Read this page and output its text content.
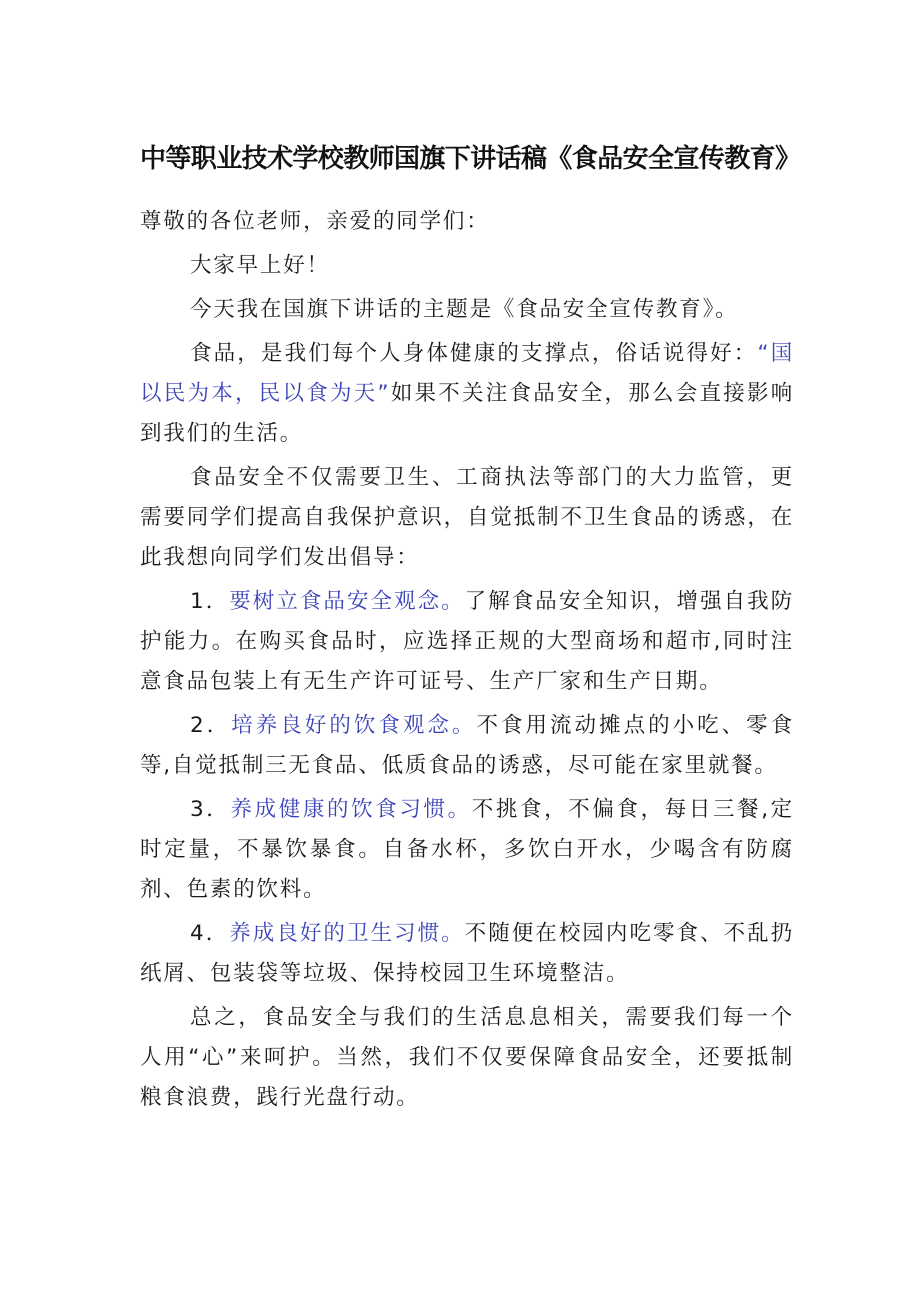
中等职业技术学校教师国旗下讲话稿《食品安全宣传教育》

尊敬的各位老师，亲爱的同学们：

大家早上好！

今天我在国旗下讲话的主题是《食品安全宣传教育》。

食品，是我们每个人身体健康的支撑点，俗话说得好：“国以民为本，民以食为天”如果不关注食品安全，那么会直接影响到我们的生活。

食品安全不仅需要卫生、工商执法等部门的大力监管，更需要同学们提高自我保护意识，自觉抵制不卫生食品的诱惑，在此我想向同学们发出倡导：

1．要树立食品安全观念。了解食品安全知识，增强自我防护能力。在购买食品时，应选择正规的大型商场和超市,同时注意食品包装上有无生产许可证号、生产厂家和生产日期。

2．培养良好的饮食观念。不食用流动摊点的小吃、零食等,自觉抵制三无食品、低质食品的诱惑，尽可能在家里就餐。

3．养成健康的饮食习惯。不挑食，不偏食，每日三餐,定时定量，不暴饮暴食。自备水杯，多饮白开水，少喝含有防腐剂、色素的饮料。

4．养成良好的卫生习惯。不随便在校园内吃零食、不乱扔纸屑、包装袋等垃圾、保持校园卫生环境整洁。

总之，食品安全与我们的生活息息相关，需要我们每一个人用“心”来呵护。当然，我们不仅要保障食品安全，还要抵制粮食浪费，践行光盘行动。
